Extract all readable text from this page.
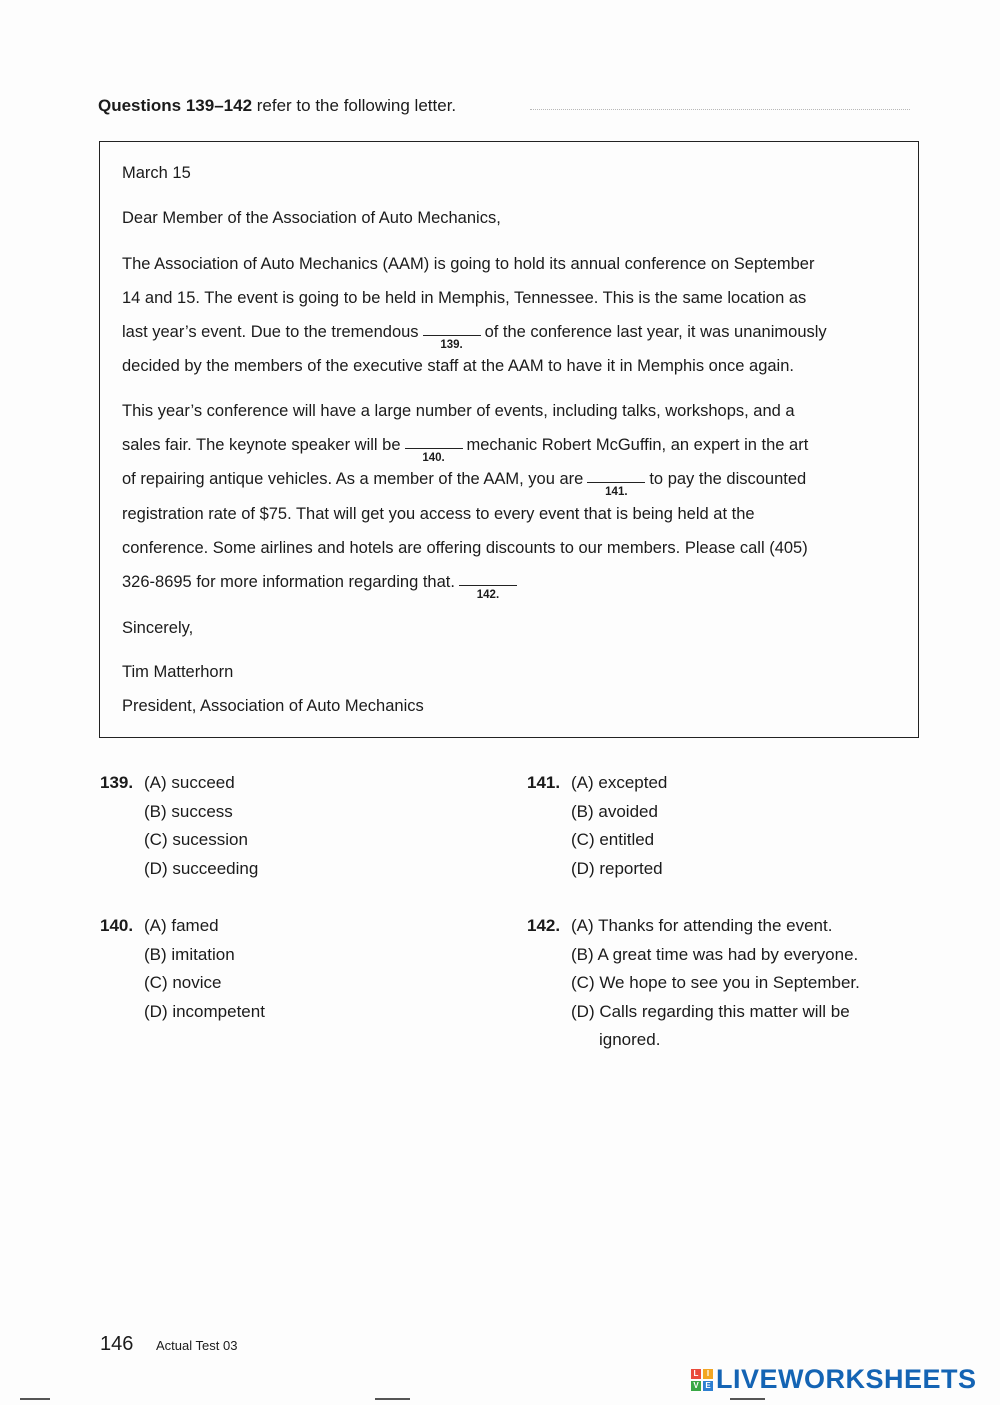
Questions 139–142 refer to the following letter.
March 15
Dear Member of the Association of Auto Mechanics,
The Association of Auto Mechanics (AAM) is going to hold its annual conference on September
14 and 15. The event is going to be held in Memphis, Tennessee. This is the same location as
last year’s event. Due to the tremendous
139.
of the conference last year, it was unanimously
decided by the members of the executive staff at the AAM to have it in Memphis once again.
This year’s conference will have a large number of events, including talks, workshops, and a
sales fair. The keynote speaker will be
140.
mechanic Robert McGuffin, an expert in the art
of repairing antique vehicles. As a member of the AAM, you are
141.
to pay the discounted
registration rate of $75. That will get you access to every event that is being held at the
conference. Some airlines and hotels are offering discounts to our members. Please call (405)
326-8695 for more information regarding that.
142.
Sincerely,
Tim Matterhorn
President, Association of Auto Mechanics
139. (A) succeed
(B) success
(C) sucession
(D) succeeding
140. (A) famed
(B) imitation
(C) novice
(D) incompetent
141. (A) excepted
(B) avoided
(C) entitled
(D) reported
142. (A) Thanks for attending the event.
(B) A great time was had by everyone.
(C) We hope to see you in September.
(D) Calls regarding this matter will be
ignored.
146 Actual Test 03
L	I
V E LIVEWORKSHEETS
